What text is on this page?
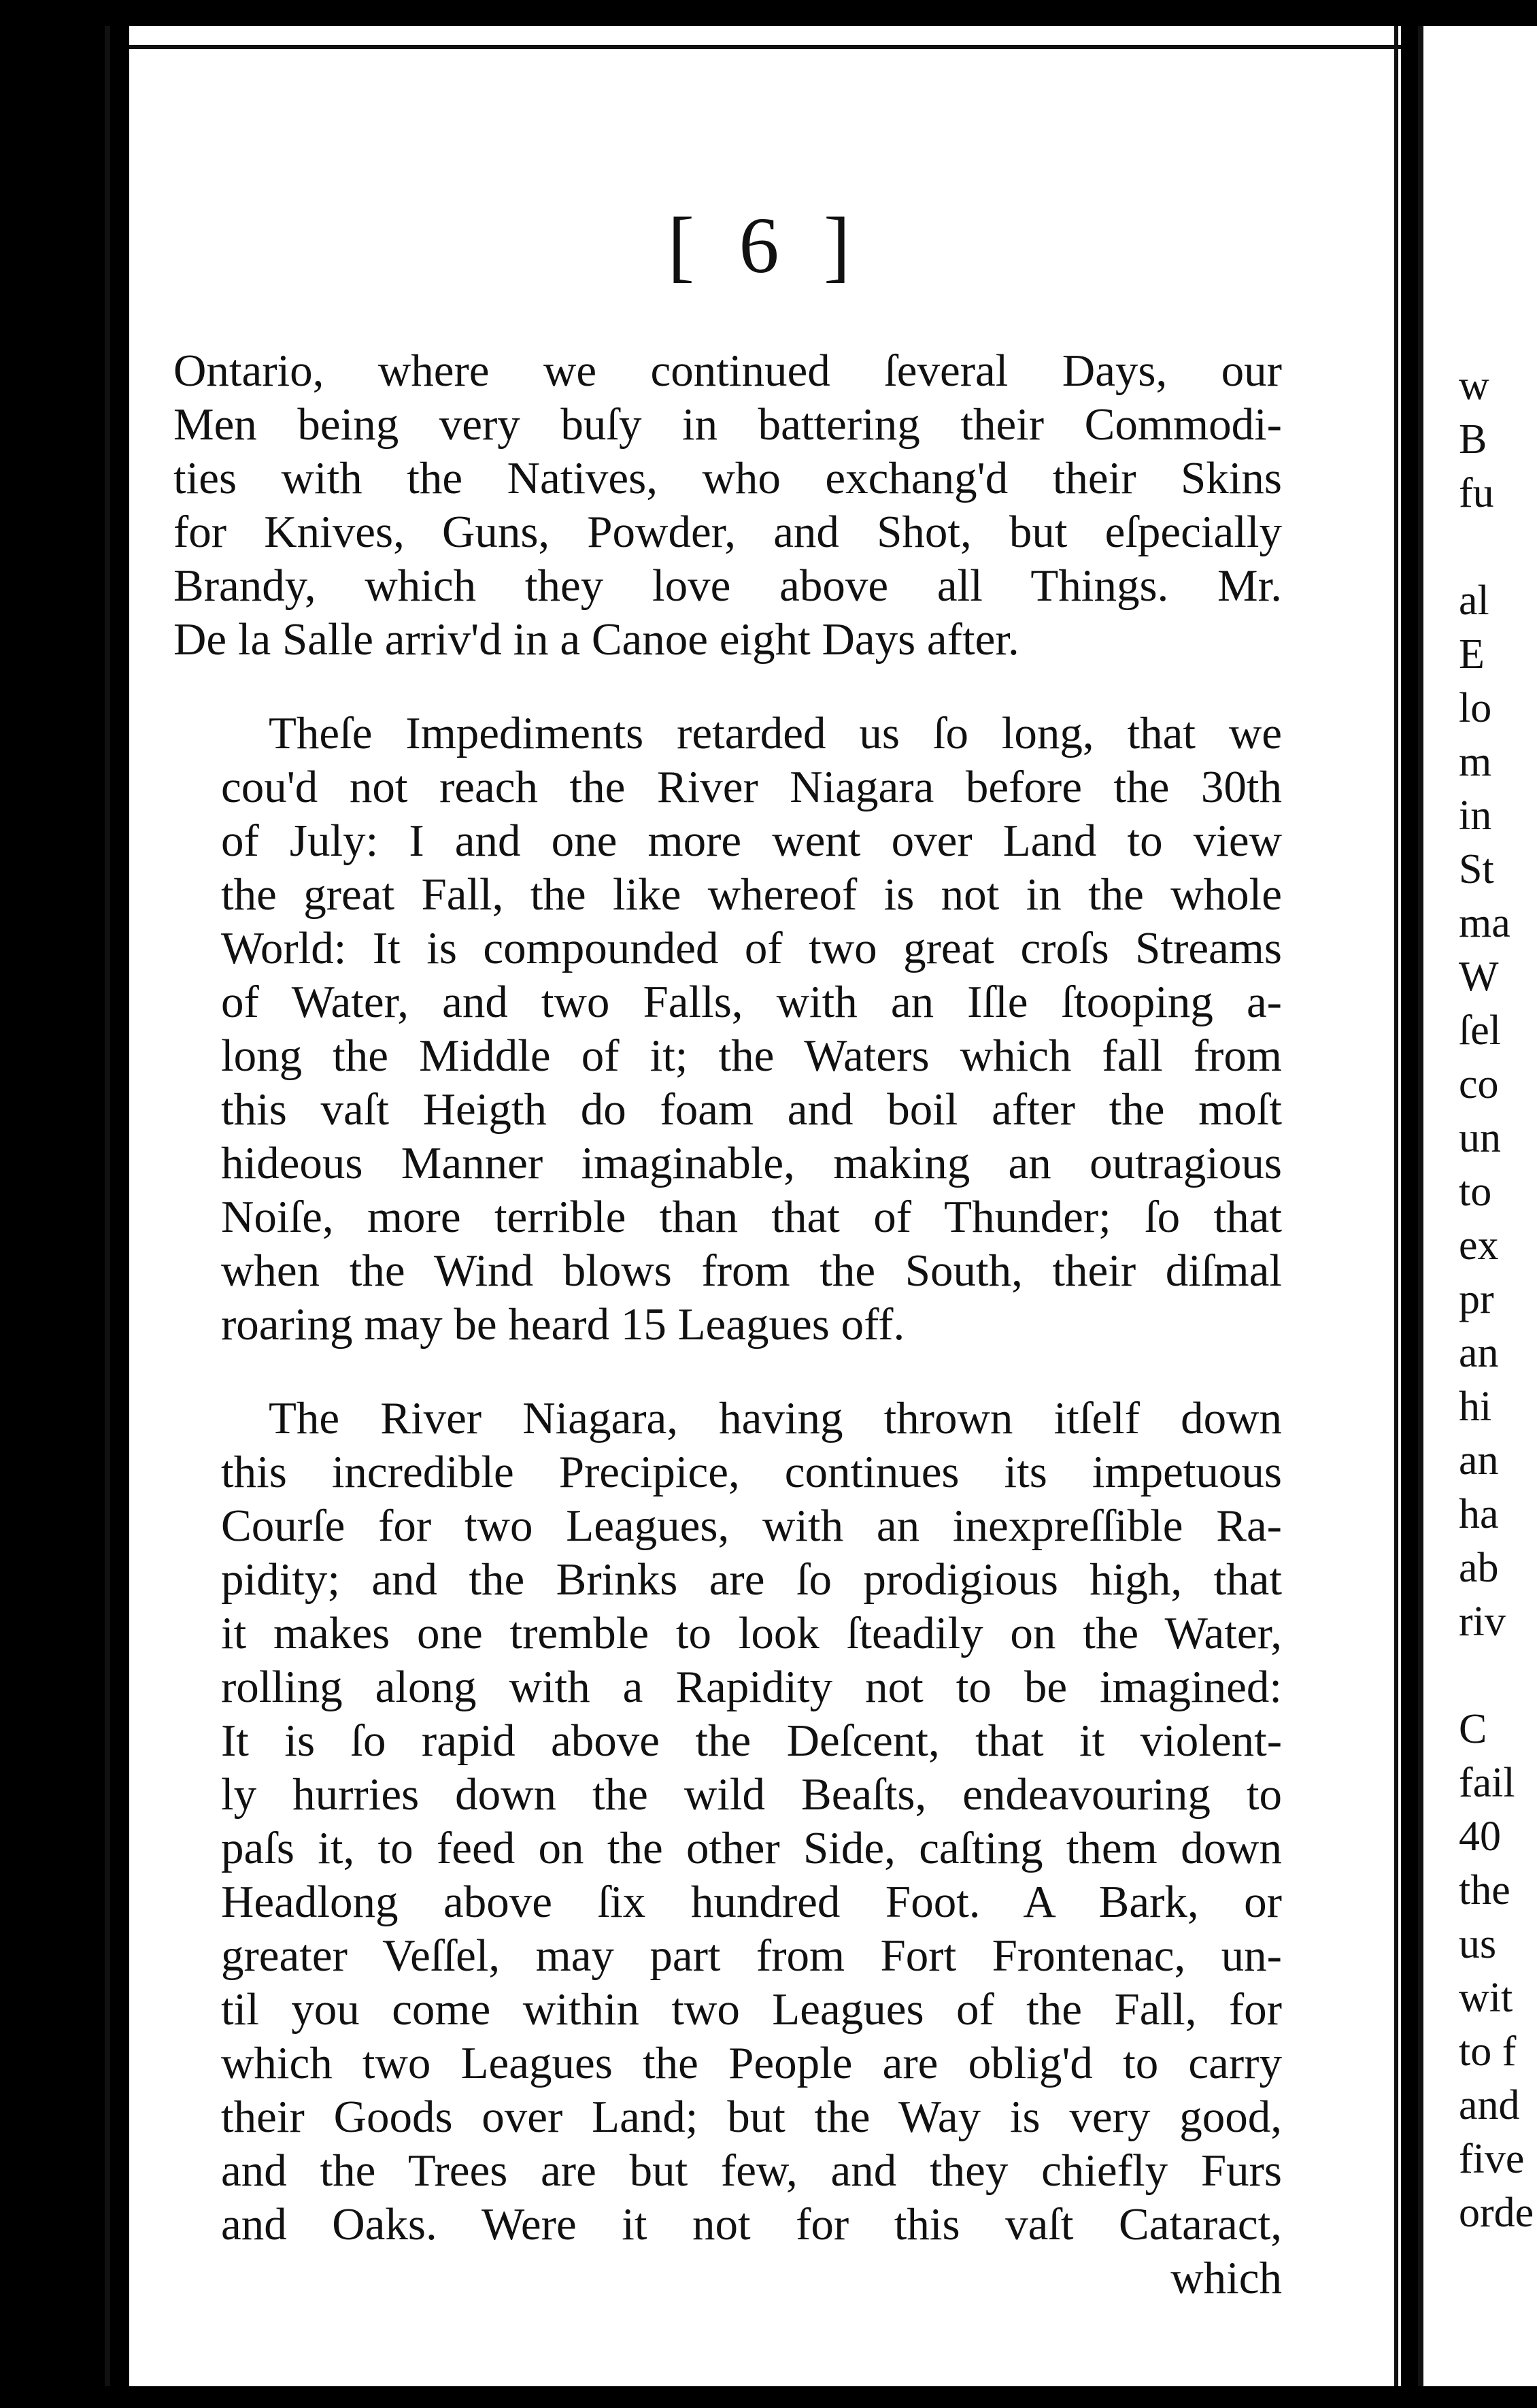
[ 6 ]

Ontario, where we continued ſeveral Days, our
Men being very buſy in battering their Commodi-
ties with the Natives, who exchang'd their Skins
for Knives, Guns, Powder, and Shot, but eſpecially
Brandy, which they love above all Things. Mr.
De la Salle arriv'd in a Canoe eight Days after.

Theſe Impediments retarded us ſo long, that we
cou'd not reach the River Niagara before the 30th
of July: I and one more went over Land to view
the great Fall, the like whereof is not in the whole
World: It is compounded of two great croſs Streams
of Water, and two Falls, with an Iſle ſtooping a-
long the Middle of it; the Waters which fall from
this vaſt Heigth do foam and boil after the moſt
hideous Manner imaginable, making an outragious
Noiſe, more terrible than that of Thunder; ſo that
when the Wind blows from the South, their diſmal
roaring may be heard 15 Leagues off.

The River Niagara, having thrown itſelf down
this incredible Precipice, continues its impetuous
Courſe for two Leagues, with an inexpreſſible Ra-
pidity; and the Brinks are ſo prodigious high, that
it makes one tremble to look ſteadily on the Water,
rolling along with a Rapidity not to be imagined:
It is ſo rapid above the Deſcent, that it violent-
ly hurries down the wild Beaſts, endeavouring to
paſs it, to feed on the other Side, caſting them down
Headlong above ſix hundred Foot. A Bark, or
greater Veſſel, may part from Fort Frontenac, un-
til you come within two Leagues of the Fall, for
which two Leagues the People are oblig'd to carry
their Goods over Land; but the Way is very good,
and the Trees are but few, and they chiefly Furs
and Oaks. Were it not for this vaſt Cataract,
which

w
B
fu
al
E
lo
m
in
St
ma
W
ſel
co
un
to
ex
pr
an
hi
an
ha
ab
riv
C
fail
40
the
us
wit
to f
and
five
orde
